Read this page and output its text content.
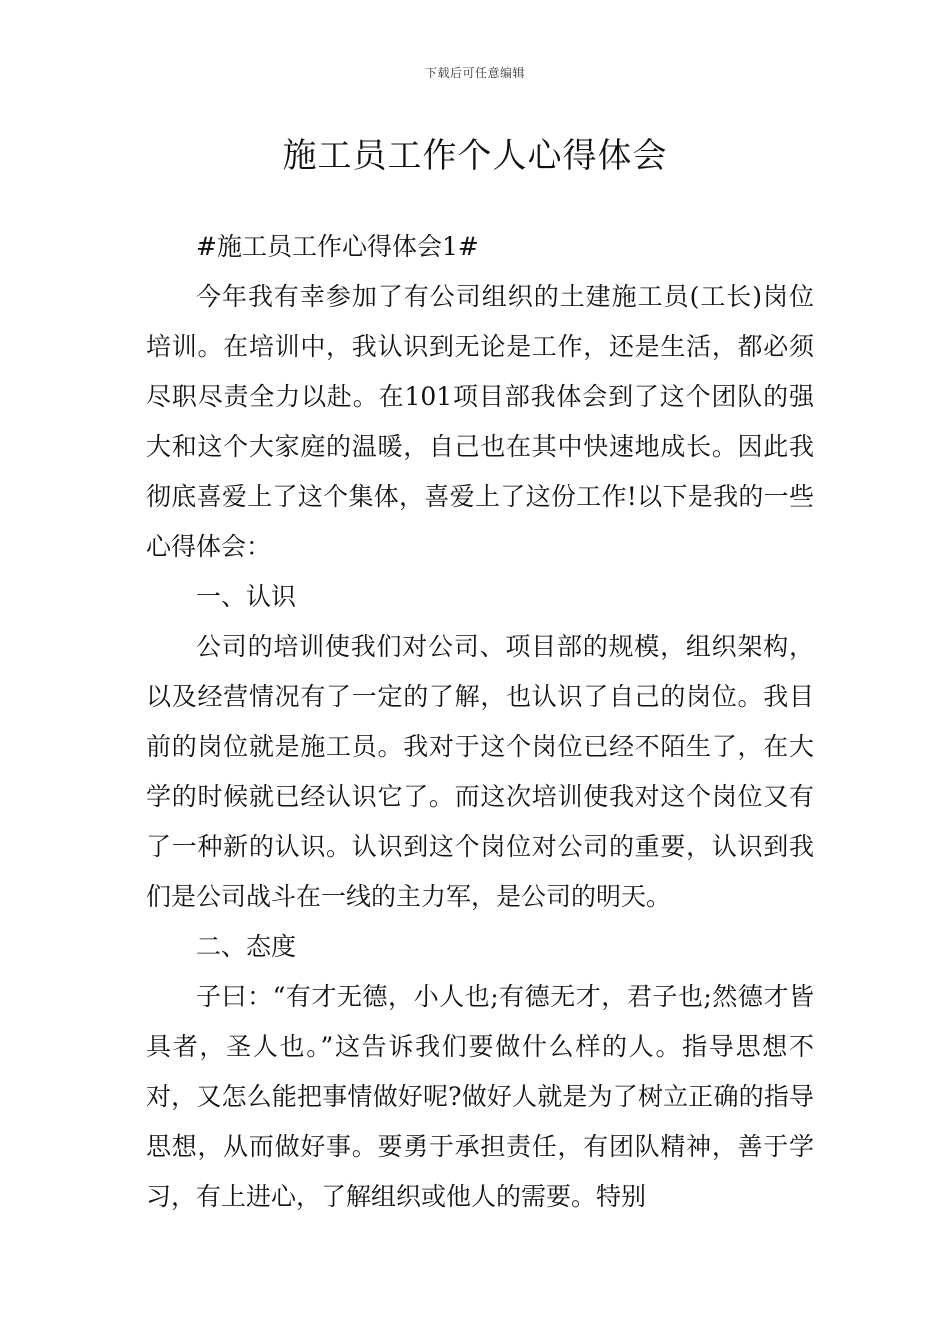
下载后可任意编辑
施工员工作个人心得体会

#施工员工作心得体会1#

今年我有幸参加了有公司组织的土建施工员(工长)岗位培训。在培训中，我认识到无论是工作，还是生活，都必须尽职尽责全力以赴。在101项目部我体会到了这个团队的强大和这个大家庭的温暖，自己也在其中快速地成长。因此我彻底喜爱上了这个集体，喜爱上了这份工作!以下是我的一些心得体会：

一、认识

公司的培训使我们对公司、项目部的规模，组织架构，以及经营情况有了一定的了解，也认识了自己的岗位。我目前的岗位就是施工员。我对于这个岗位已经不陌生了，在大学的时候就已经认识它了。而这次培训使我对这个岗位又有了一种新的认识。认识到这个岗位对公司的重要，认识到我们是公司战斗在一线的主力军，是公司的明天。

二、态度

子曰：“有才无德，小人也;有德无才，君子也;然德才皆具者，圣人也。”这告诉我们要做什么样的人。指导思想不对，又怎么能把事情做好呢?做好人就是为了树立正确的指导思想，从而做好事。要勇于承担责任，有团队精神，善于学习，有上进心，了解组织或他人的需要。特别
